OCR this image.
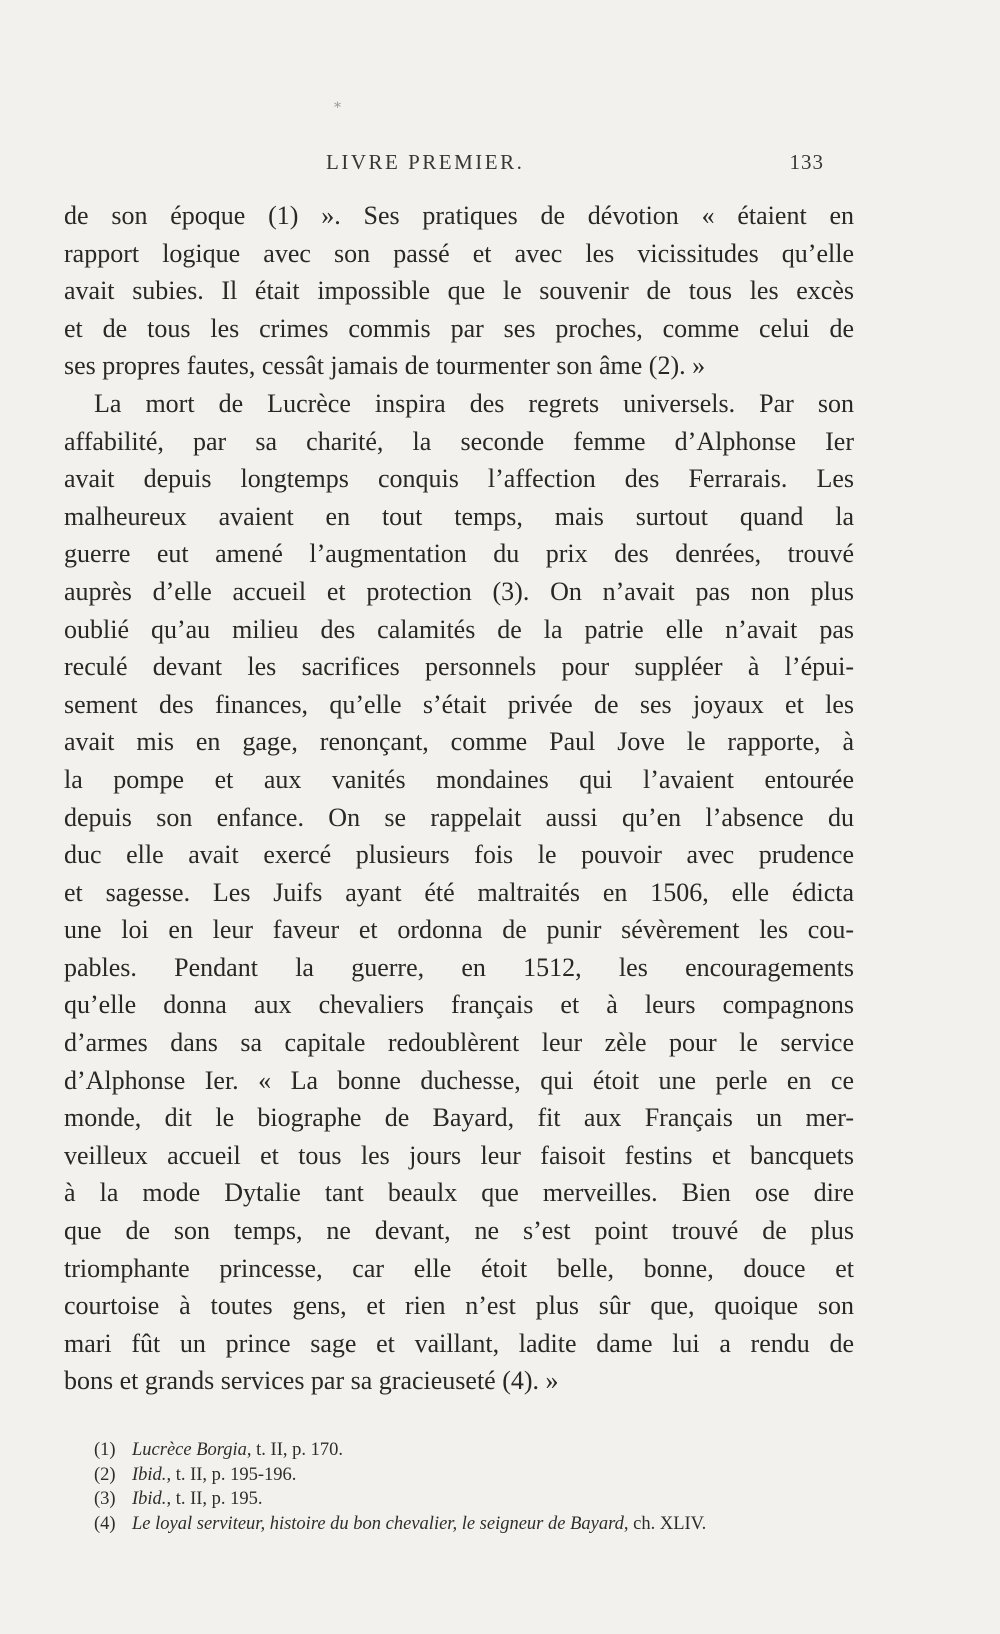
*
LIVRE PREMIER.	133
de son époque (1) ». Ses pratiques de dévotion « étaient en
rapport logique avec son passé et avec les vicissitudes qu’elle
avait subies. Il était impossible que le souvenir de tous les excès
et de tous les crimes commis par ses proches, comme celui de
ses propres fautes, cessât jamais de tourmenter son âme (2). »
La mort de Lucrèce inspira des regrets universels. Par son
affabilité, par sa charité, la seconde femme d’Alphonse Ier
avait depuis longtemps conquis l’affection des Ferrarais. Les
malheureux avaient en tout temps, mais surtout quand la
guerre eut amené l’augmentation du prix des denrées, trouvé
auprès d’elle accueil et protection (3). On n’avait pas non plus
oublié qu’au milieu des calamités de la patrie elle n’avait pas
reculé devant les sacrifices personnels pour suppléer à l’épui-
sement des finances, qu’elle s’était privée de ses joyaux et les
avait mis en gage, renonçant, comme Paul Jove le rapporte, à
la pompe et aux vanités mondaines qui l’avaient entourée
depuis son enfance. On se rappelait aussi qu’en l’absence du
duc elle avait exercé plusieurs fois le pouvoir avec prudence
et sagesse. Les Juifs ayant été maltraités en 1506, elle édicta
une loi en leur faveur et ordonna de punir sévèrement les cou-
pables. Pendant la guerre, en 1512, les encouragements
qu’elle donna aux chevaliers français et à leurs compagnons
d’armes dans sa capitale redoublèrent leur zèle pour le service
d’Alphonse Ier. « La bonne duchesse, qui étoit une perle en ce
monde, dit le biographe de Bayard, fit aux Français un mer-
veilleux accueil et tous les jours leur faisoit festins et bancquets
à la mode Dytalie tant beaulx que merveilles. Bien ose dire
que de son temps, ne devant, ne s’est point trouvé de plus
triomphante princesse, car elle étoit belle, bonne, douce et
courtoise à toutes gens, et rien n’est plus sûr que, quoique son
mari fût un prince sage et vaillant, ladite dame lui a rendu de
bons et grands services par sa gracieuseté (4). »
(1) Lucrèce Borgia, t. II, p. 170.
(2) Ibid., t. II, p. 195-196.
(3) Ibid., t. II, p. 195.
(4) Le loyal serviteur, histoire du bon chevalier, le seigneur de Bayard, ch. XLIV.
